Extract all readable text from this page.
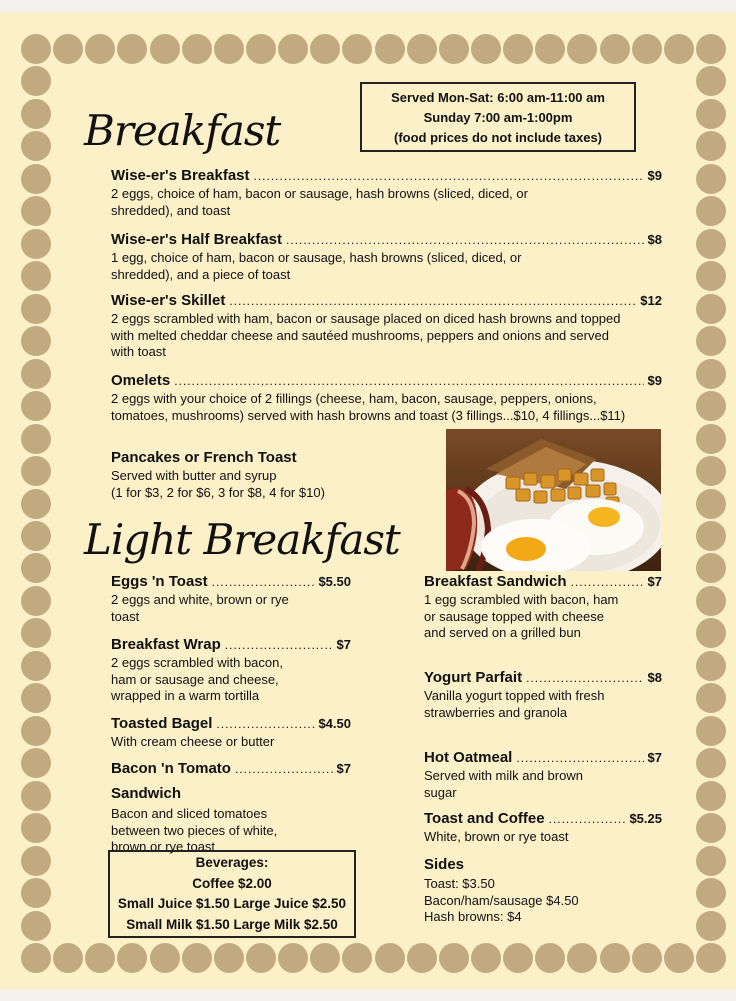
Breakfast
Served Mon-Sat: 6:00 am-11:00 am
Sunday 7:00 am-1:00pm
(food prices do not include taxes)
Wise-er's Breakfast .....	$9
2 eggs, choice of ham, bacon or sausage, hash browns (sliced, diced, or shredded), and toast
Wise-er's Half Breakfast .....	$8
1 egg, choice of ham, bacon or sausage, hash browns (sliced, diced, or shredded), and a piece of toast
Wise-er's Skillet .....	$12
2 eggs scrambled with ham, bacon or sausage placed on diced hash browns and topped with melted cheddar cheese and sautéed mushrooms, peppers and onions and served with toast
Omelets .....	$9
2 eggs with your choice of 2 fillings (cheese, ham, bacon, sausage, peppers, onions, tomatoes, mushrooms) served with hash browns and toast (3 fillings...$10, 4 fillings...$11)
Pancakes or French Toast
Served with butter and syrup
(1 for $3, 2 for $6, 3 for $8, 4 for $10)
Light Breakfast
Eggs 'n Toast .....	$5.50
2 eggs and white, brown or rye toast
Breakfast Wrap .....	$7
2 eggs scrambled with bacon, ham or sausage and cheese, wrapped in a warm tortilla
Toasted Bagel .....	$4.50
With cream cheese or butter
Bacon 'n Tomato .....	$7
Sandwich
Bacon and sliced tomatoes between two pieces of white, brown or rye toast
Breakfast Sandwich .....	$7
1 egg scrambled with bacon, ham or sausage topped with cheese and served on a grilled bun
Yogurt Parfait .....	$8
Vanilla yogurt topped with fresh strawberries and granola
Hot Oatmeal .....	$7
Served with milk and brown sugar
Toast and Coffee .....	$5.25
White, brown or rye toast
Sides
Toast: $3.50
Bacon/ham/sausage $4.50
Hash browns: $4
Beverages:
Coffee $2.00
Small Juice $1.50 Large Juice $2.50
Small Milk $1.50 Large Milk $2.50
